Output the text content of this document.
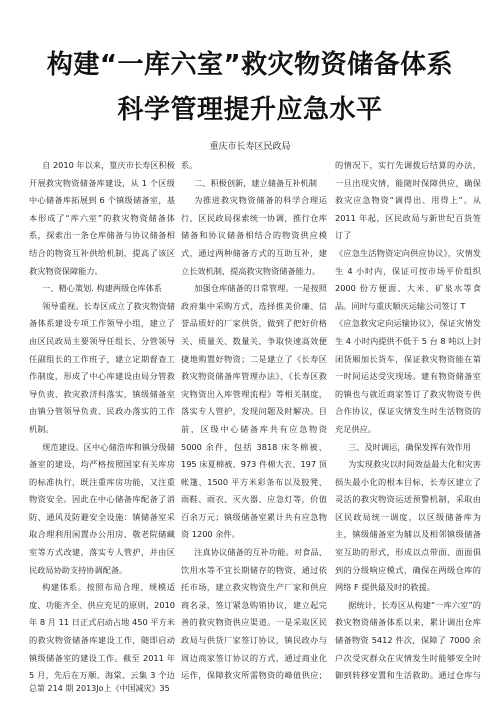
构建“一库六室”救灾物资储备体系
科学管理提升应急水平
重庆市长寿区民政局

自 2010 年以来，篁庆市长寿区积极开展救灾物资储备库建设，从 1 个区级中心储备库拓展到 6 个镇级储备室，基本形成了“库六室”的救灾物资储备体系，探索出一条仓库储备与协议储备相结合的物资互补供给机制，提高了该区救灾物资保障能力。

一、精心策划. 构建两级仓库体系

领导重视。长寿区成立了救灾物资储备体系建设专项工作领导小组，建立了由区民政局主要领导任组长、分管领导任副组长的工作班子，建立定期督查工作制度，形成了中心库建设由局分管救导负责、救灾救济科落实，镇级储备室由镇分管领导负责、民政办落实的工作机制。

规范建设。区中心储浩库和镇分级储备室的建设，均严格按照国家有关库房的标准执行，既注重库房功能，又注重物资安全。因此在中心储备库配备了消防、通风及防避安全设施：镇储备室采取合理利用闲置办公用房、敬老院储藏室等方式改建，落实专人管护，并由区民政局协助支持协调配备。

构建体系。按照布局合理、规模适度、功能齐全、供应充足的原则，2010 年 8 月 11 日正式启动占地 450 平方米的救灾物资储备库建设工作，随即启动镇级储备室的建设工作。截至 2011 年 5 月，先后在万顺、海棠、云集 3 个边

系。

二、积极创新，建立储备互补机制

为推进救灾物资储备的科学合理运行，区民政局探索统一协调，推行仓库储备和协议储备相结合的物资供应模式，通过两种储备方式的互助互补，建立长效机制，提高救灾物资储备能力。

加强仓库储备的日常管理。一是按照政府集中采购方式，选择推美价廉、信誉品质好的厂家供货，做到了把好价格关、质量关、数量关，争取快速高效便捷地购置好物资；二是建立了《长寿区救灾物资储备库管理办法》、《长寿区救灾物资出入库管理流程》等相关制度，落实专人管护，发现问题及时解决。目前，区级中心储备库共有应急物资 5000 余件，包括 3818 床冬棉被、195 床夏棉被、973 件棉大衣、197 顶帐篷、1500 平方米彩条布以及胶凳、雨鞋、雨衣、灭火器、应急灯等，价值百余万元；镇级储备室累计共有应急物资 1200 余件。

注真协议储备的互补功能。对食品、饮用水等不宜长期储存的物资，通过依托市场，建立救灾物资生产厂家和供应商名录，签订紧急购销协议，建立起完善的救灾物资供应渠道。一是采取区民政局与供货厂家签订协议，镇民政办与周边商家签订协议的方式，通过商业化运作，保障救灾所需物资的峰值供应；

的情况下，实行先调拨后结算的办法，一旦出现灾情，能随时保障供应，确保救灾应急物资“调得出、用得上”。从 2011 年起，区民政局与新世纪百货签订了

《应急生活物资定向供应协议》，灾情发生 4 小时内，保证可按市场平价组织 2000 份方便面、大米、矿泉水等食品。同时与重庆顺庆运输公司签订 T

《应急救灾定向运输协议》，保证灾情发生 4 小时内提供不低于 5 台 8 吨以上封闭货厢加长货车，保证救灾物资能在第一时间运达受灾现场。建有物资储备室的镇也与就近商家签订了救灾物资专供合作协议，保证灾情发生时生活物资的充足供应。

三、及时调运，确保发挥有效作用

为实现救灾以时间效益最大化和灾害损失最小化的根本目标，长寿区建立了灵活的救灾物资运送预警机制，采取由区民政局统一调度，以区级储备库为主，镇级储备室为辅以及相邻镇级储备室互助的形式，形成以点带面、面面俱到的分级响应模式，确保在两级仓库的网络 F 提供最及时的救援。

据统计，长寿区从构建“一库六室”的救灾物资储备体系以来，累计调出仓库储备物资 5412 件次，保障了 7000 余户次受灾群众在灾情发生时能够安全时御到转移安置和生活救助。通过仓库与　　　　

总第 214 期 2013Jo上《中国减灾》35
